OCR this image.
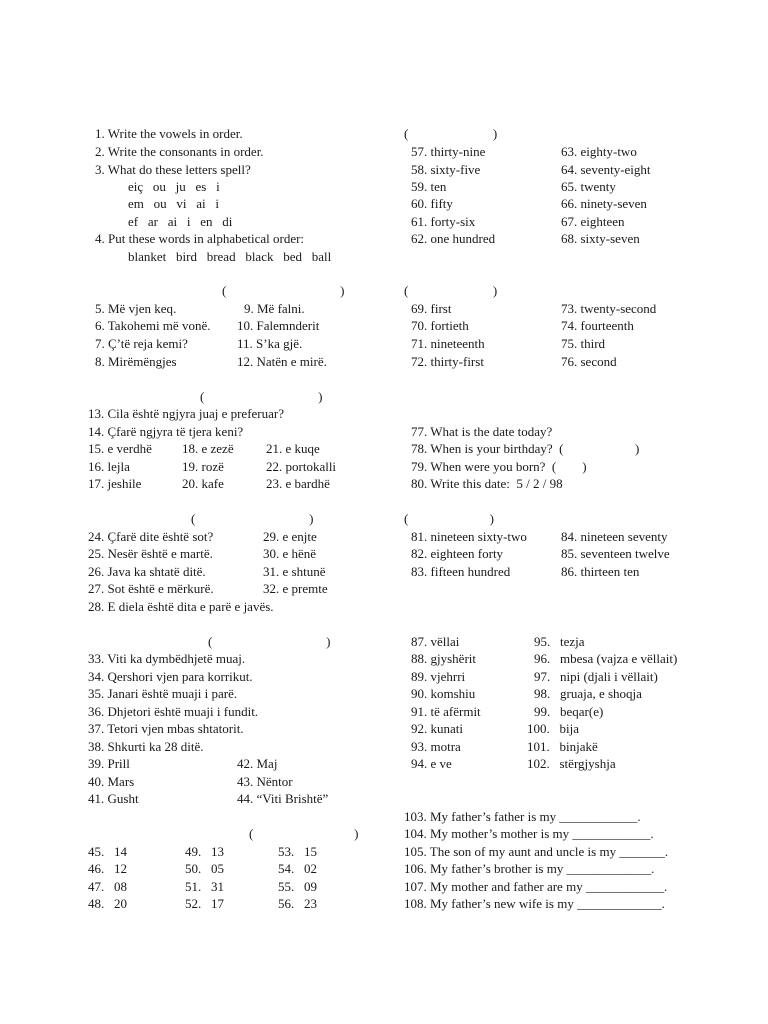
1. Write the vowels in order.
2. Write the consonants in order.
3. What do these letters spell?
eiç   ou   ju   es   i
em   ou   vi   ai   i
ef   ar   ai   i   en   di
4. Put these words in alphabetical order:
blanket   bird   bread   black   bed   ball
(                          )
57. thirty-nine
58. sixty-five
59. ten
60. fifty
61. forty-six
62. one hundred
63. eighty-two
64. seventy-eight
65. twenty
66. ninety-seven
67. eighteen
68. sixty-seven
(                                   )
5. Më vjen keq.
6. Takohemi më vonë.
7. Ç’të reja kemi?
8. Mirëmëngjes
9. Më falni.
10. Falemnderit
11. S’ka gjë.
12. Natën e mirë.
(                          )
69. first
70. fortieth
71. nineteenth
72. thirty-first
73. twenty-second
74. fourteenth
75. third
76. second
(                                   )
13. Cila është ngjyra juaj e preferuar?
14. Çfarë ngjyra të tjera keni?
15. e verdhë
16. lejla
17. jeshile
18. e zezë
19. rozë
20. kafe
21. e kuqe
22. portokalli
23. e bardhë
77. What is the date today?
78. When is your birthday?  (                      )
79. When were you born?  (        )
80. Write this date:  5 / 2 / 98
(                                   )
24. Çfarë dite është sot?
25. Nesër është e martë.
26. Java ka shtatë ditë.
27. Sot është e mërkurë.
28. E diela është dita e parë e javës.
29. e enjte
30. e hënë
31. e shtunë
32. e premte
(                         )
81. nineteen sixty-two
82. eighteen forty
83. fifteen hundred
84. nineteen seventy
85. seventeen twelve
86. thirteen ten
(                                   )
33. Viti ka dymbëdhjetë muaj.
34. Qershori vjen para korrikut.
35. Janari është muaji i parë.
36. Dhjetori është muaji i fundit.
37. Tetori vjen mbas shtatorit.
38. Shkurti ka 28 ditë.
39. Prill
40. Mars
41. Gusht
42. Maj
43. Nëntor
44. “Viti Brishtë”
87. vëllai
88. gjyshërit
89. vjehrri
90. komshiu
91. të afërmit
92. kunati
93. motra
94. e ve
95.   tezja
96.   mbesa (vajza e vëllait)
97.   nipi (djali i vëllait)
98.   gruaja, e shoqja
99.   beqar(e)
100.   bija
101.   binjakë
102.   stërgjyshja
(                               )
45.   14
46.   12
47.   08
48.   20
49.   13
50.   05
51.   31
52.   17
53.   15
54.   02
55.   09
56.   23
103. My father’s father is my ____________.
104. My mother’s mother is my ____________.
105. The son of my aunt and uncle is my _______.
106. My father’s brother is my _____________.
107. My mother and father are my ____________.
108. My father’s new wife is my _____________.
